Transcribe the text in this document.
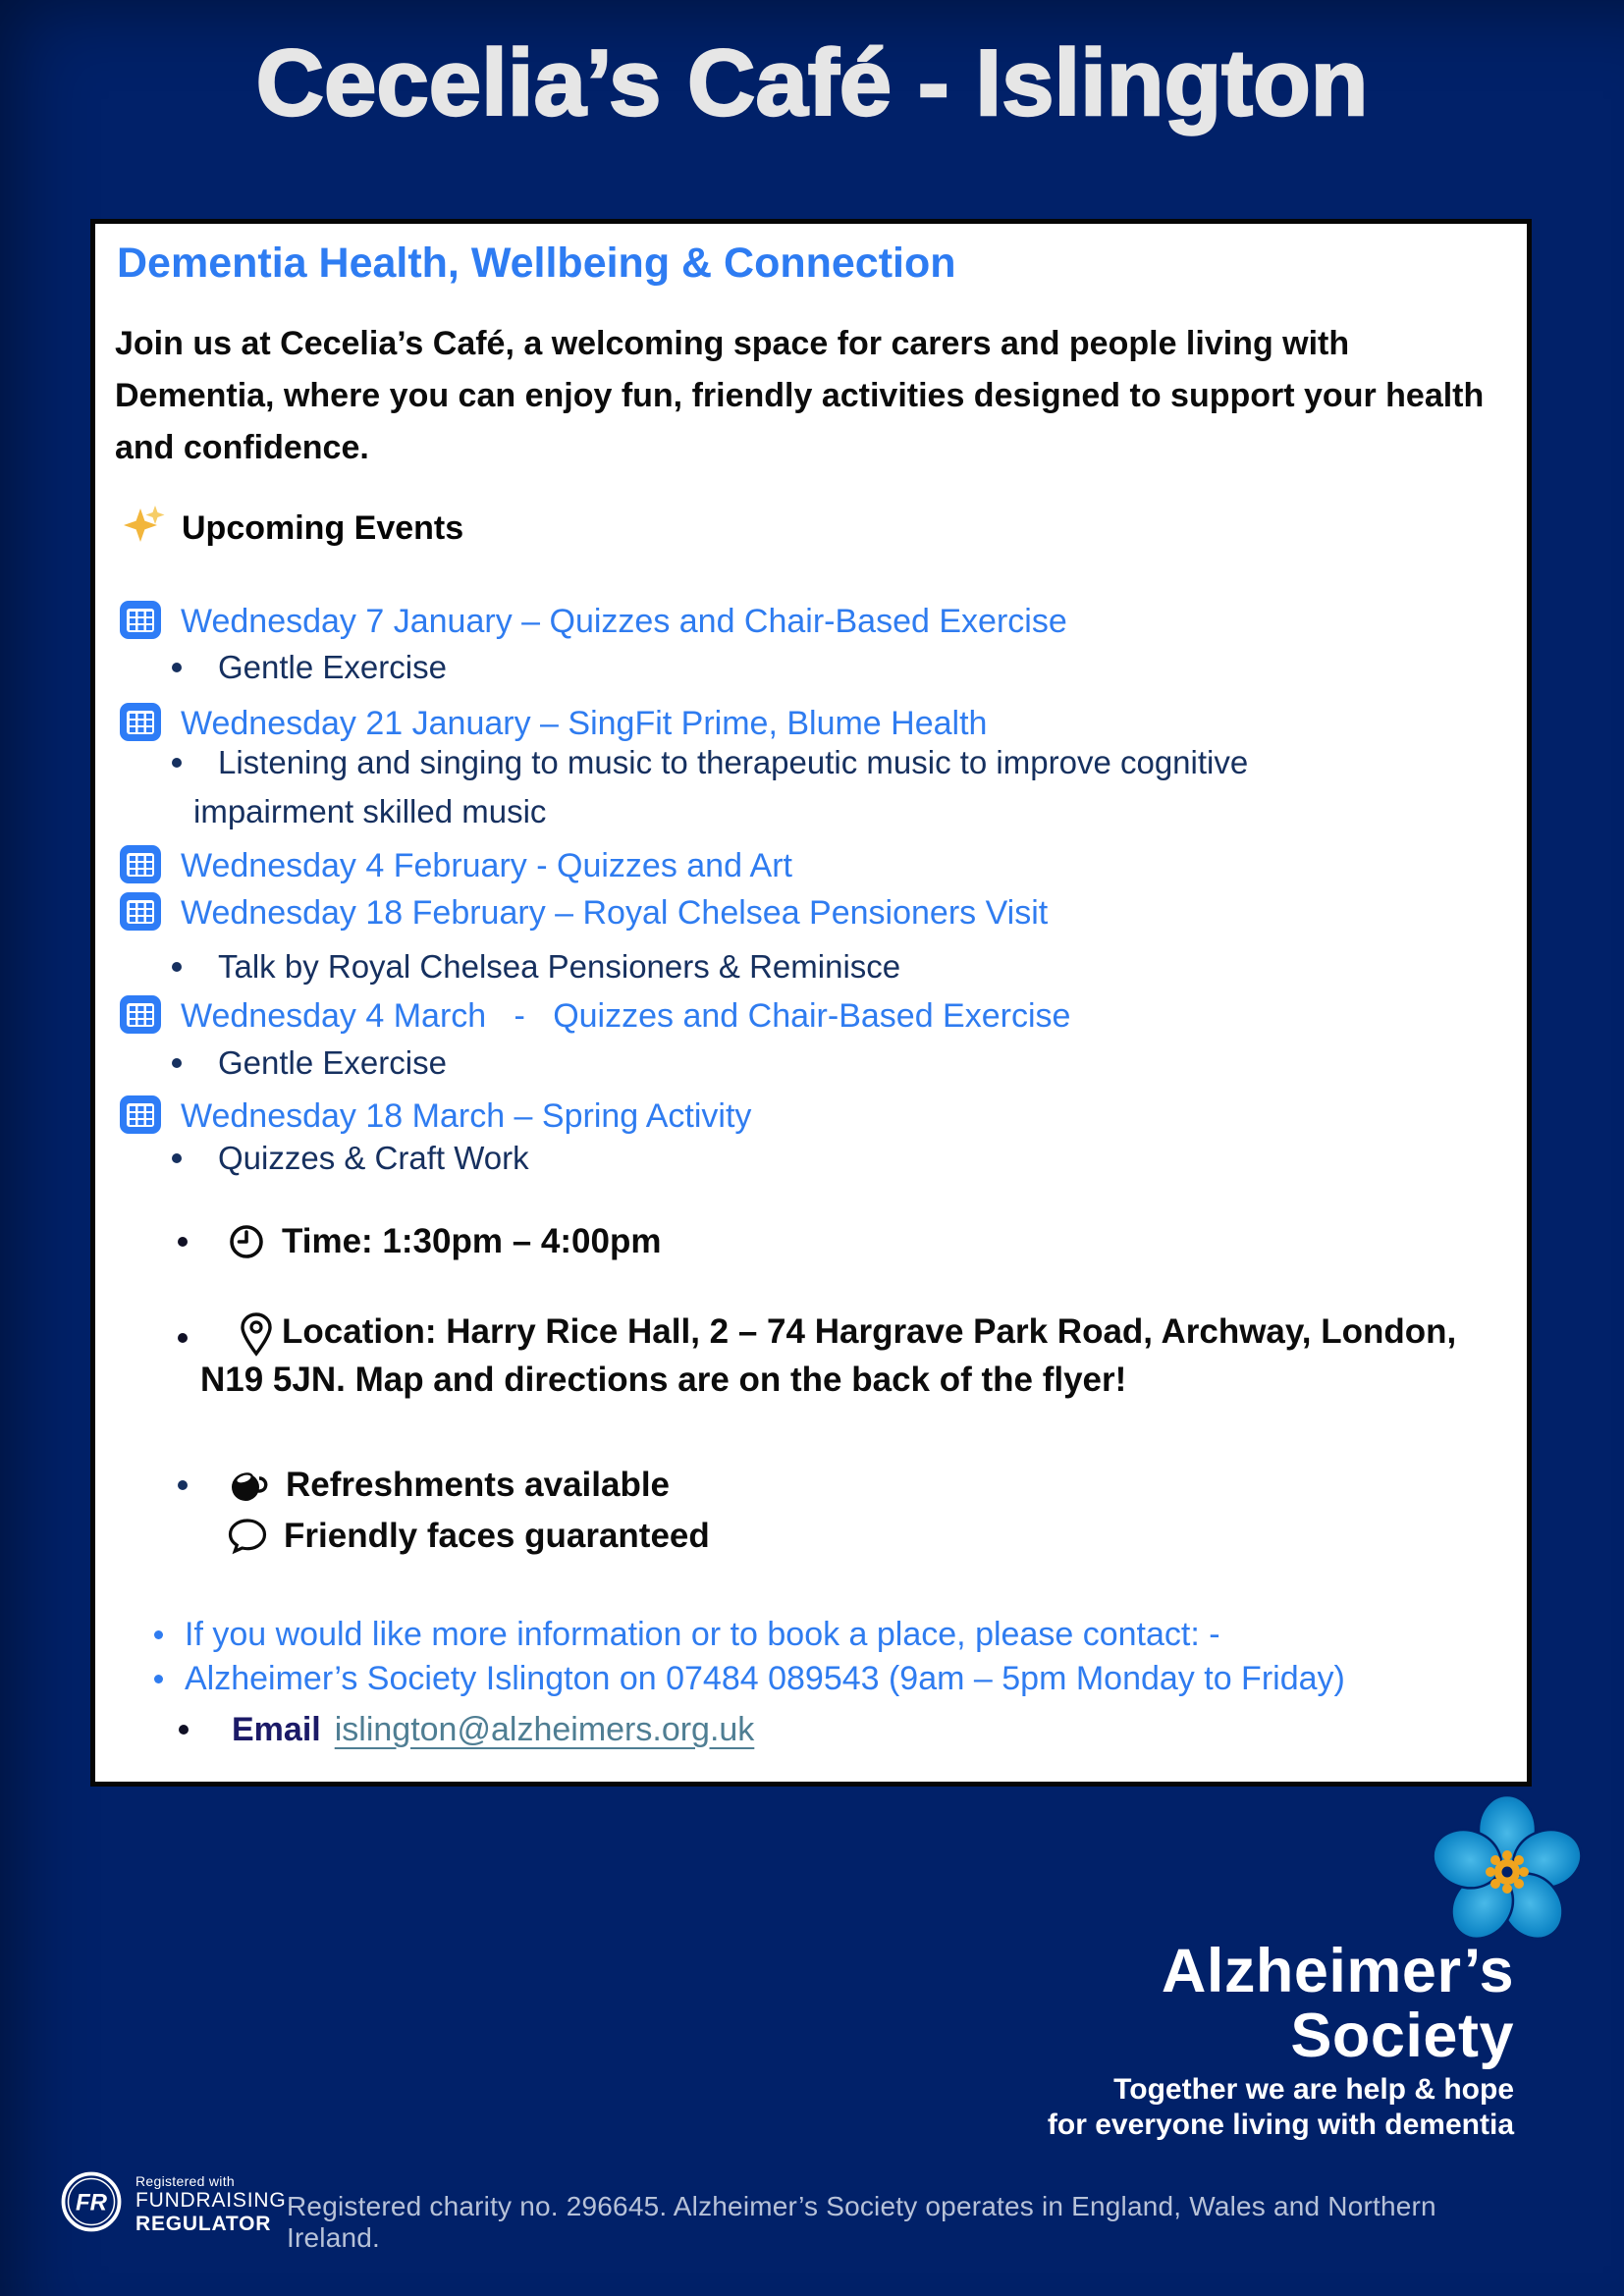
Cecelia’s Café - Islington
Dementia Health, Wellbeing & Connection

Join us at Cecelia’s Café, a welcoming space for carers and people living with Dementia, where you can enjoy fun, friendly activities designed to support your health and confidence.

Upcoming Events
Wednesday 7 January – Quizzes and Chair-Based Exercise
Gentle Exercise
Wednesday 21 January – SingFit Prime, Blume Health
Listening and singing to music to therapeutic music to improve cognitive
impairment skilled music
Wednesday 4 February - Quizzes and Art
Wednesday 18 February – Royal Chelsea Pensioners Visit
Talk by Royal Chelsea Pensioners & Reminisce
Wednesday 4 March   -   Quizzes and Chair-Based Exercise
Gentle Exercise
Wednesday 18 March – Spring Activity
Quizzes & Craft Work
Time: 1:30pm – 4:00pm

Location: Harry Rice Hall, 2 – 74 Hargrave Park Road, Archway, London, N19 5JN. Map and directions are on the back of the flyer!

Refreshments available
Friendly faces guaranteed
If you would like more information or to book a place, please contact: -
Alzheimer’s Society Islington on 07484 089543 (9am – 5pm Monday to Friday)
Email islington@alzheimers.org.uk

Alzheimer’s

Society

Together we are help & hope

for everyone living with dementia

FR
Registered with
FUNDRAISING
REGULATOR

Registered charity no. 296645. Alzheimer’s Society operates in England, Wales and Northern Ireland.
